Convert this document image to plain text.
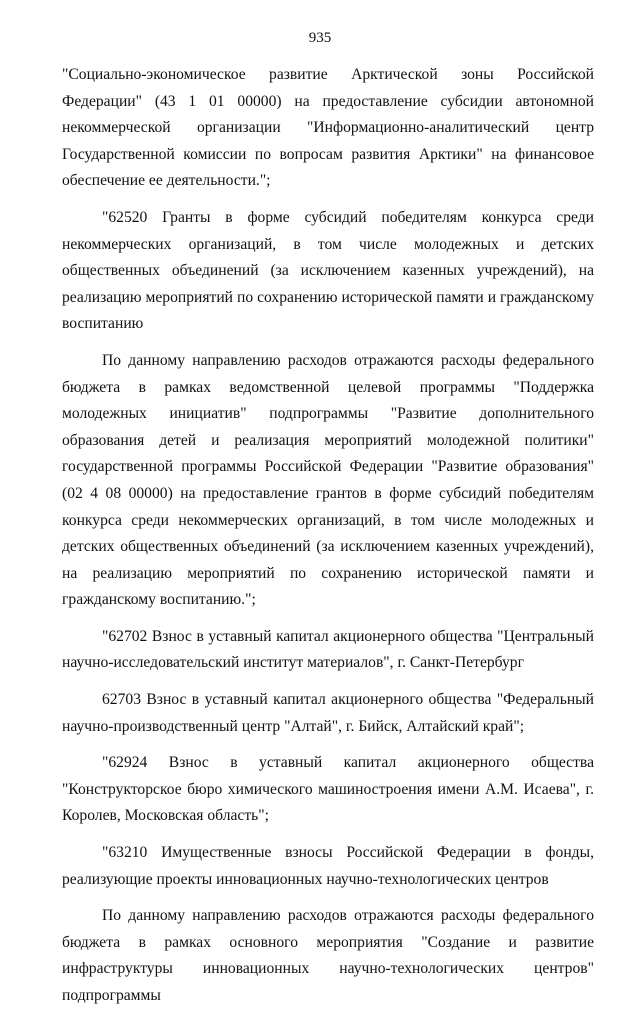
935

"Социально-экономическое развитие Арктической зоны Российской Федерации" (43 1 01 00000) на предоставление субсидии автономной некоммерческой организации "Информационно-аналитический центр Государственной комиссии по вопросам развития Арктики" на финансовое обеспечение ее деятельности.";

"62520 Гранты в форме субсидий победителям конкурса среди некоммерческих организаций, в том числе молодежных и детских общественных объединений (за исключением казенных учреждений), на реализацию мероприятий по сохранению исторической памяти и гражданскому воспитанию

По данному направлению расходов отражаются расходы федерального бюджета в рамках ведомственной целевой программы "Поддержка молодежных инициатив" подпрограммы "Развитие дополнительного образования детей и реализация мероприятий молодежной политики" государственной программы Российской Федерации "Развитие образования" (02 4 08 00000) на предоставление грантов в форме субсидий победителям конкурса среди некоммерческих организаций, в том числе молодежных и детских общественных объединений (за исключением казенных учреждений), на реализацию мероприятий по сохранению исторической памяти и гражданскому воспитанию.";

"62702 Взнос в уставный капитал акционерного общества "Центральный научно-исследовательский институт материалов", г. Санкт-Петербург

62703 Взнос в уставный капитал акционерного общества "Федеральный научно-производственный центр "Алтай", г. Бийск, Алтайский край";

"62924 Взнос в уставный капитал акционерного общества "Конструкторское бюро химического машиностроения имени А.М. Исаева", г. Королев, Московская область";

"63210 Имущественные взносы Российской Федерации в фонды, реализующие проекты инновационных научно-технологических центров

По данному направлению расходов отражаются расходы федерального бюджета в рамках основного мероприятия "Создание и развитие инфраструктуры инновационных научно-технологических центров" подпрограммы
